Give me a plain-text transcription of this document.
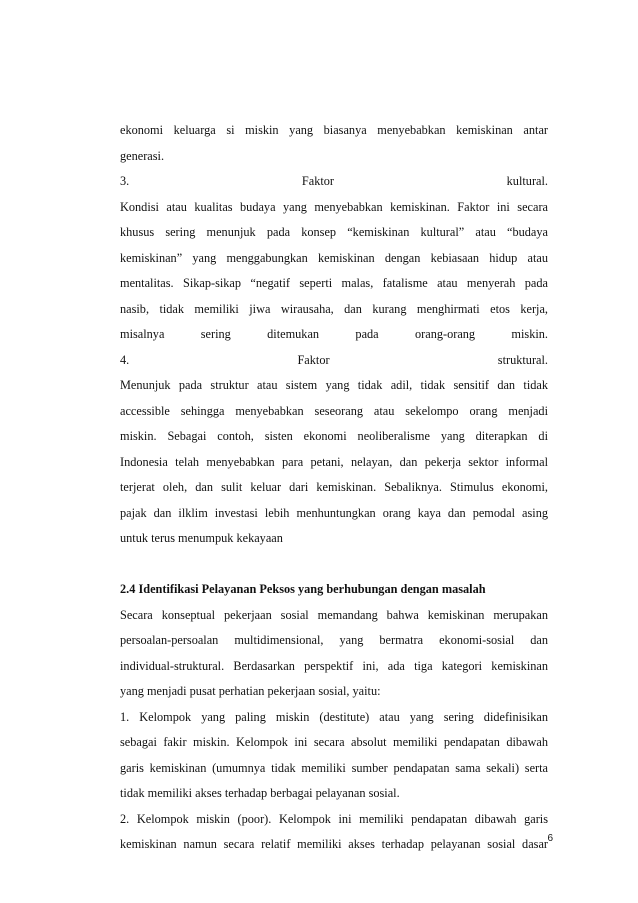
ekonomi keluarga si miskin yang biasanya menyebabkan kemiskinan antar
generasi.
3. Faktor kultural.
Kondisi atau kualitas budaya yang menyebabkan kemiskinan. Faktor ini secara
khusus sering menunjuk pada konsep “kemiskinan kultural” atau “budaya
kemiskinan” yang menggabungkan kemiskinan dengan kebiasaan hidup atau
mentalitas. Sikap-sikap “negatif seperti malas, fatalisme atau menyerah pada
nasib, tidak memiliki jiwa wirausaha, dan kurang menghirmati etos kerja,
misalnya sering ditemukan pada orang-orang miskin.
4. Faktor struktural.
Menunjuk pada struktur atau sistem yang tidak adil, tidak sensitif dan tidak
accessible sehingga menyebabkan seseorang atau sekelompo orang menjadi
miskin. Sebagai contoh, sisten ekonomi neoliberalisme yang diterapkan di
Indonesia telah menyebabkan para petani, nelayan, dan pekerja sektor informal
terjerat oleh, dan sulit keluar dari kemiskinan. Sebaliknya. Stimulus ekonomi,
pajak dan ilklim investasi lebih menhuntungkan orang kaya dan pemodal asing
untuk terus menumpuk kekayaan
2.4 Identifikasi Pelayanan Peksos yang berhubungan dengan masalah
Secara konseptual pekerjaan sosial memandang bahwa kemiskinan merupakan
persoalan-persoalan multidimensional, yang bermatra ekonomi-sosial dan
individual-struktural. Berdasarkan perspektif ini, ada tiga kategori kemiskinan
yang menjadi pusat perhatian pekerjaan sosial, yaitu:
1. Kelompok yang paling miskin (destitute) atau yang sering didefinisikan
sebagai fakir miskin. Kelompok ini secara absolut memiliki pendapatan dibawah
garis kemiskinan (umumnya tidak memiliki sumber pendapatan sama sekali) serta
tidak memiliki akses terhadap berbagai pelayanan sosial.
2. Kelompok miskin (poor). Kelompok ini memiliki pendapatan dibawah garis
kemiskinan namun secara relatif memiliki akses terhadap pelayanan sosial dasar 6
